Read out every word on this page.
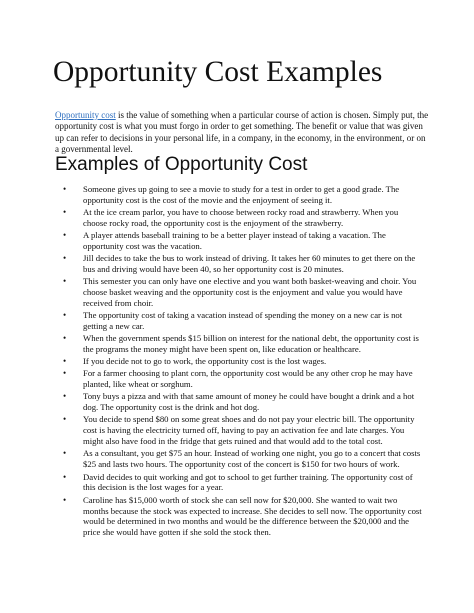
Opportunity Cost Examples

Opportunity cost is the value of something when a particular course of action is chosen. Simply put, the opportunity cost is what you must forgo in order to get something. The benefit or value that was given up can refer to decisions in your personal life, in a company, in the economy, in the environment, or on a governmental level.

Examples of Opportunity Cost
• Someone gives up going to see a movie to study for a test in order to get a good grade. The opportunity cost is the cost of the movie and the enjoyment of seeing it.
• At the ice cream parlor, you have to choose between rocky road and strawberry. When you choose rocky road, the opportunity cost is the enjoyment of the strawberry.
• A player attends baseball training to be a better player instead of taking a vacation. The opportunity cost was the vacation.
• Jill decides to take the bus to work instead of driving. It takes her 60 minutes to get there on the bus and driving would have been 40, so her opportunity cost is 20 minutes.
• This semester you can only have one elective and you want both basket-weaving and choir. You choose basket weaving and the opportunity cost is the enjoyment and value you would have received from choir.
• The opportunity cost of taking a vacation instead of spending the money on a new car is not getting a new car.
• When the government spends $15 billion on interest for the national debt, the opportunity cost is the programs the money might have been spent on, like education or healthcare.
• If you decide not to go to work, the opportunity cost is the lost wages.
• For a farmer choosing to plant corn, the opportunity cost would be any other crop he may have planted, like wheat or sorghum.
• Tony buys a pizza and with that same amount of money he could have bought a drink and a hot dog. The opportunity cost is the drink and hot dog.
• You decide to spend $80 on some great shoes and do not pay your electric bill. The opportunity cost is having the electricity turned off, having to pay an activation fee and late charges. You might also have food in the fridge that gets ruined and that would add to the total cost.
• As a consultant, you get $75 an hour. Instead of working one night, you go to a concert that costs $25 and lasts two hours. The opportunity cost of the concert is $150 for two hours of work.
• David decides to quit working and got to school to get further training. The opportunity cost of this decision is the lost wages for a year.
• Caroline has $15,000 worth of stock she can sell now for $20,000. She wanted to wait two months because the stock was expected to increase. She decides to sell now. The opportunity cost would be determined in two months and would be the difference between the $20,000 and the price she would have gotten if she sold the stock then.
